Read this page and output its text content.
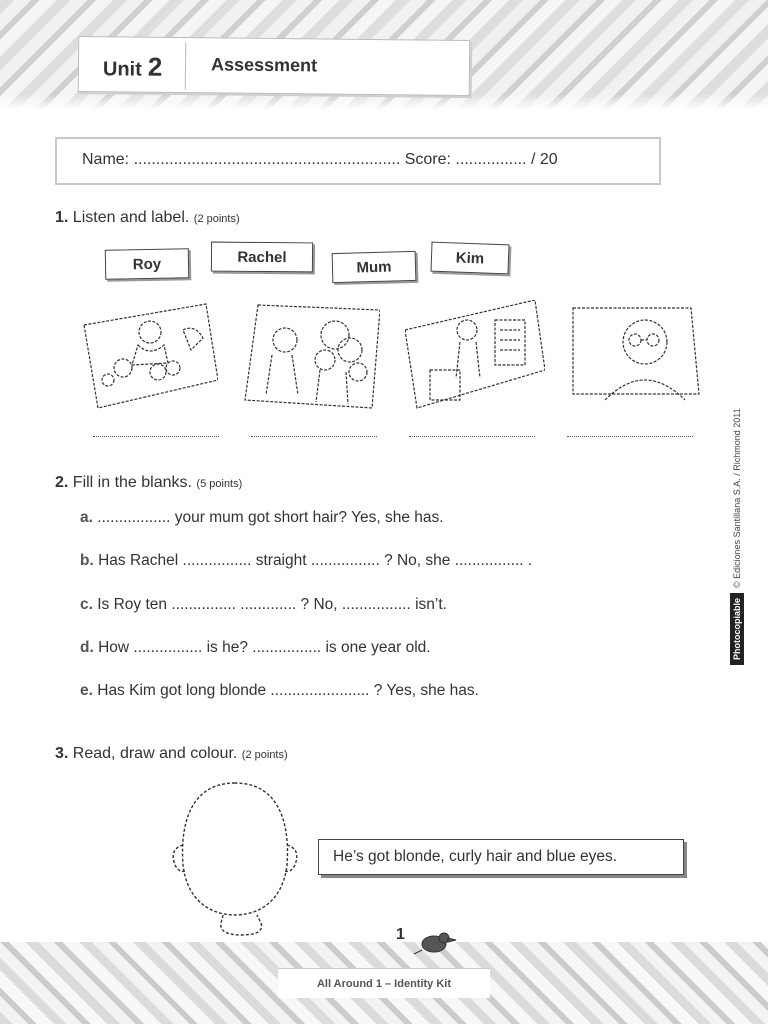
Unit 2	Assessment
Name: ............................................................ Score: ................ / 20
1. Listen and label. (2 points)
Roy	Rachel
Mum
Kim
2. Fill in the blanks. (5 points)
a. ................. your mum got short hair? Yes, she has.
b. Has Rachel ................ straight ................ ? No, she ................ .
c. Is Roy ten ............... ............. ? No, ................ isn’t.
d. How ................ is he? ................ is one year old.
e. Has Kim got long blonde ....................... ? Yes, she has.
Photocopiable
© Ediciones Santillana S.A. / Richmond 2011
3. Read, draw and colour. (2 points)
He’s got blonde, curly hair and blue eyes.
1
All Around 1 – Identity Kit
